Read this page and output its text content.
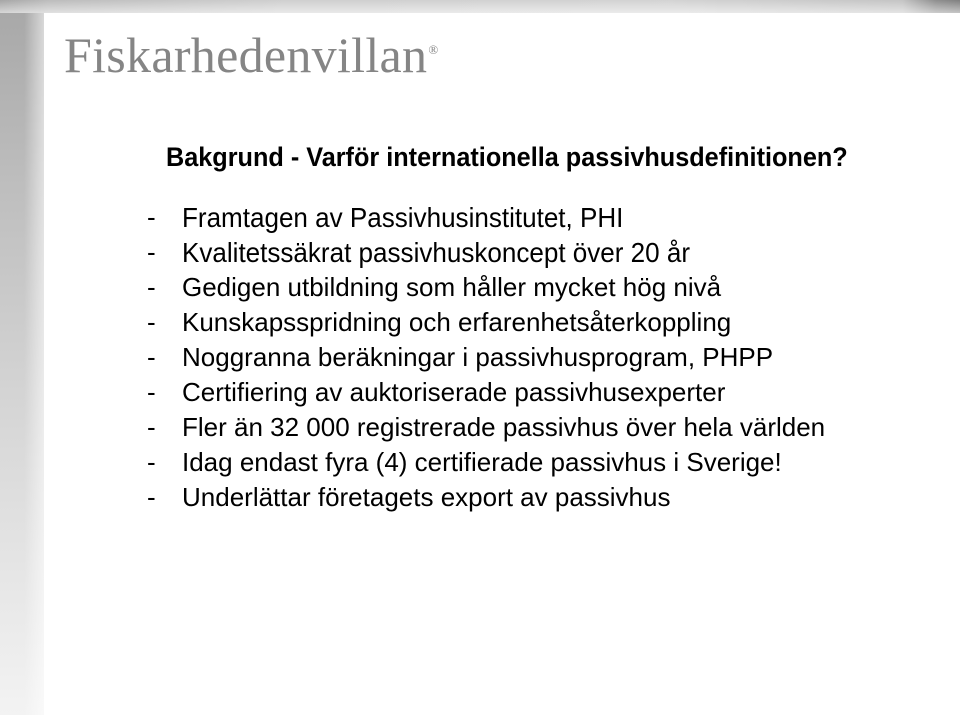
Fiskarhedenvillan®
Bakgrund - Varför internationella passivhusdefinitionen?
- Framtagen av Passivhusinstitutet, PHI
- Kvalitetssäkrat passivhuskoncept över 20 år
- Gedigen utbildning som håller mycket hög nivå
- Kunskapsspridning och erfarenhetsåterkoppling
- Noggranna beräkningar i passivhusprogram, PHPP
- Certifiering av auktoriserade passivhusexperter
- Fler än 32 000 registrerade passivhus över hela världen
- Idag endast fyra (4) certifierade passivhus i Sverige!
- Underlättar företagets export av passivhus
